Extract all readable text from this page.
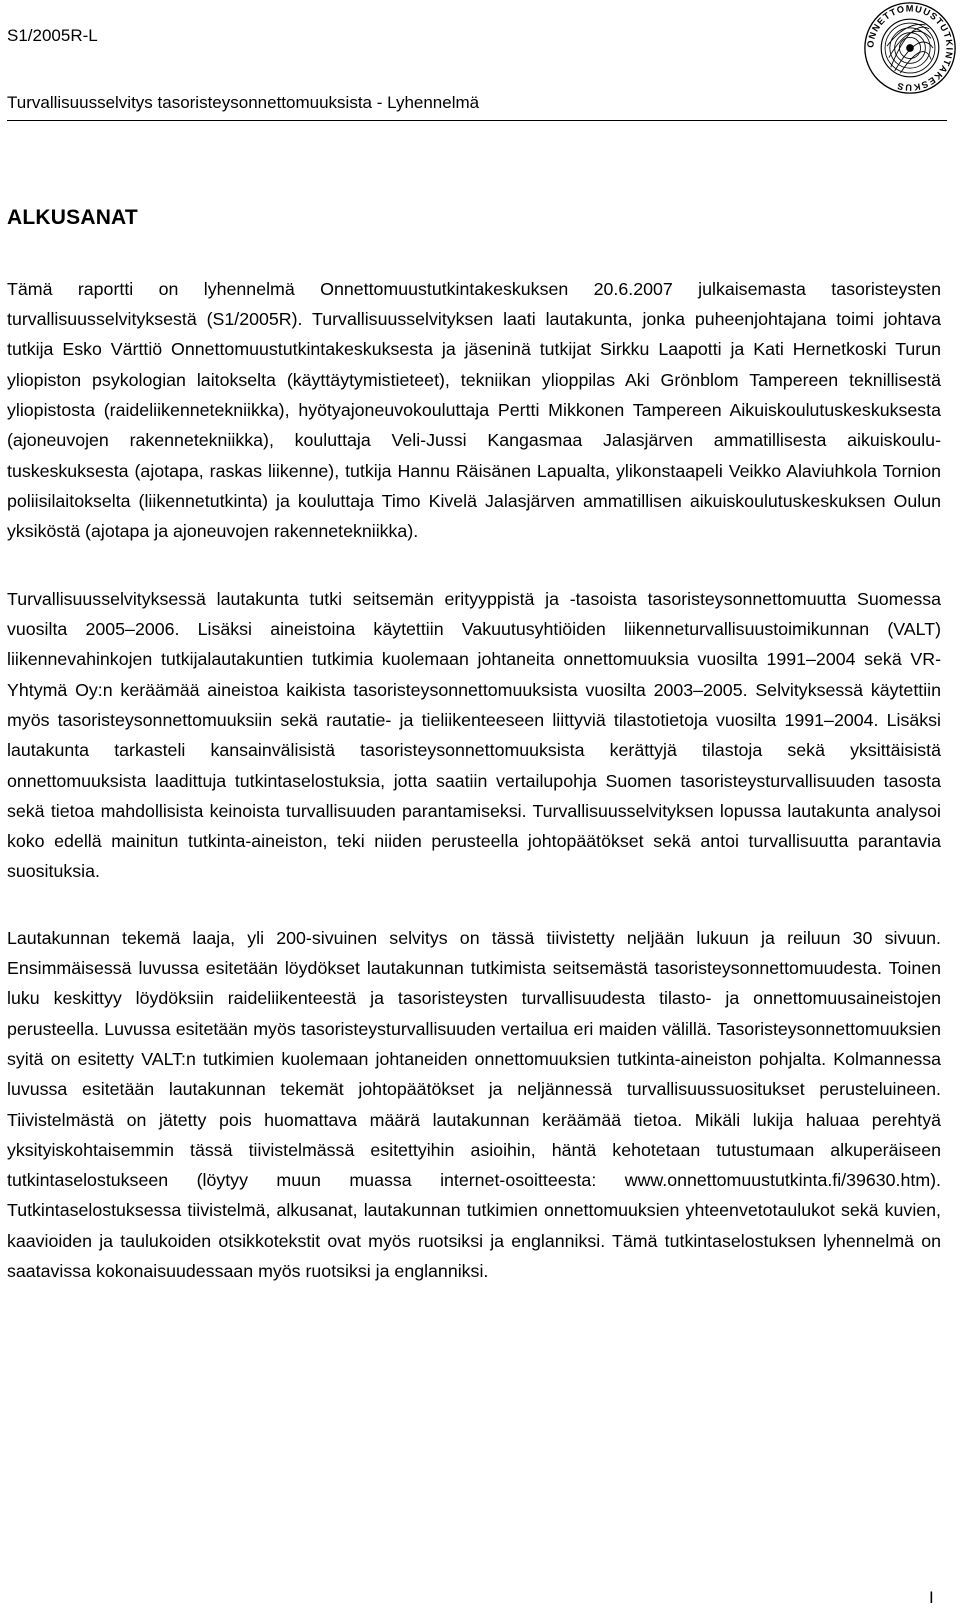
S1/2005R-L
Turvallisuusselvitys tasoristeysonnettomuuksista - Lyhennelmä
ONNETTOMUUSTUTKINTAKESKUS
ALKUSANAT

Tämä raportti on lyhennelmä Onnettomuustutkintakeskuksen 20.6.2007 julkaisemasta tasoristeysten turvallisuusselvityksestä (S1/2005R). Turvallisuusselvityksen laati lautakunta, jonka puheenjohtajana toimi johtava tutkija Esko Värttiö Onnettomuustutkintakeskuksesta ja jäseninä tutkijat Sirkku Laapotti ja Kati Hernetkoski Turun yliopiston psykologian laitokselta (käyttäytymistieteet), tekniikan ylioppilas Aki Grönblom Tampereen teknillisestä yliopistosta (raideliikennetekniikka), hyötyajoneuvokouluttaja Pertti Mikkonen Tampereen Aikuiskoulutuskeskuksesta (ajoneuvojen rakennetekniikka), kouluttaja Veli-Jussi Kangasmaa Jalasjärven ammatillisesta aikuiskoulutuskeskuksesta (ajotapa, raskas liikenne), tutkija Hannu Räisänen Lapualta, ylikonstaapeli Veikko Alaviuhkola Tornion poliisilaitokselta (liikennetutkinta) ja kouluttaja Timo Kivelä Jalasjärven ammatillisen aikuiskoulutuskeskuksen Oulun yksiköstä (ajotapa ja ajoneuvojen rakennetekniikka).

Turvallisuusselvityksessä lautakunta tutki seitsemän erityyppistä ja -tasoista tasoristeysonnettomuutta Suomessa vuosilta 2005–2006. Lisäksi aineistoina käytettiin Vakuutusyhtiöiden liikenneturvallisuustoimikunnan (VALT) liikennevahinkojen tutkijalautakuntien tutkimia kuolemaan johtaneita onnettomuuksia vuosilta 1991–2004 sekä VR-Yhtymä Oy:n keräämää aineistoa kaikista tasoristeysonnettomuuksista vuosilta 2003–2005. Selvityksessä käytettiin myös tasoristeysonnettomuuksiin sekä rautatie- ja tieliikenteeseen liittyviä tilastotietoja vuosilta 1991–2004. Lisäksi lautakunta tarkasteli kansainvälisistä tasoristeysonnettomuuksista kerättyjä tilastoja sekä yksittäisistä onnettomuuksista laadittuja tutkintaselostuksia, jotta saatiin vertailupohja Suomen tasoristeysturvallisuuden tasosta sekä tietoa mahdollisista keinoista turvallisuuden parantamiseksi. Turvallisuusselvityksen lopussa lautakunta analysoi koko edellä mainitun tutkinta-aineiston, teki niiden perusteella johtopäätökset sekä antoi turvallisuutta parantavia suosituksia.

Lautakunnan tekemä laaja, yli 200-sivuinen selvitys on tässä tiivistetty neljään lukuun ja reiluun 30 sivuun. Ensimmäisessä luvussa esitetään löydökset lautakunnan tutkimista seitsemästä tasoristeysonnettomuudesta. Toinen luku keskittyy löydöksiin raideliikenteestä ja tasoristeysten turvallisuudesta tilasto- ja onnettomuusaineistojen perusteella. Luvussa esitetään myös tasoristeysturvallisuuden vertailua eri maiden välillä. Tasoristeysonnettomuuksien syitä on esitetty VALT:n tutkimien kuolemaan johtaneiden onnettomuuksien tutkinta-aineiston pohjalta. Kolmannessa luvussa esitetään lautakunnan tekemät johtopäätökset ja neljännessä turvallisuussuositukset perusteluineen. Tiivistelmästä on jätetty pois huomattava määrä lautakunnan keräämää tietoa. Mikäli lukija haluaa perehtyä yksityiskohtaisemmin tässä tiivistelmässä esitettyihin asioihin, häntä kehotetaan tutustumaan alkuperäiseen tutkintaselostukseen (löytyy muun muassa internet-osoitteesta: www.onnettomuustutkinta.fi/39630.htm). Tutkintaselostuksessa tiivistelmä, alkusanat, lautakunnan tutkimien onnettomuuksien yhteenvetotaulukot sekä kuvien, kaavioiden ja taulukoiden otsikkotekstit ovat myös ruotsiksi ja englanniksi. Tämä tutkintaselostuksen lyhennelmä on saatavissa kokonaisuudessaan myös ruotsiksi ja englanniksi.

I
